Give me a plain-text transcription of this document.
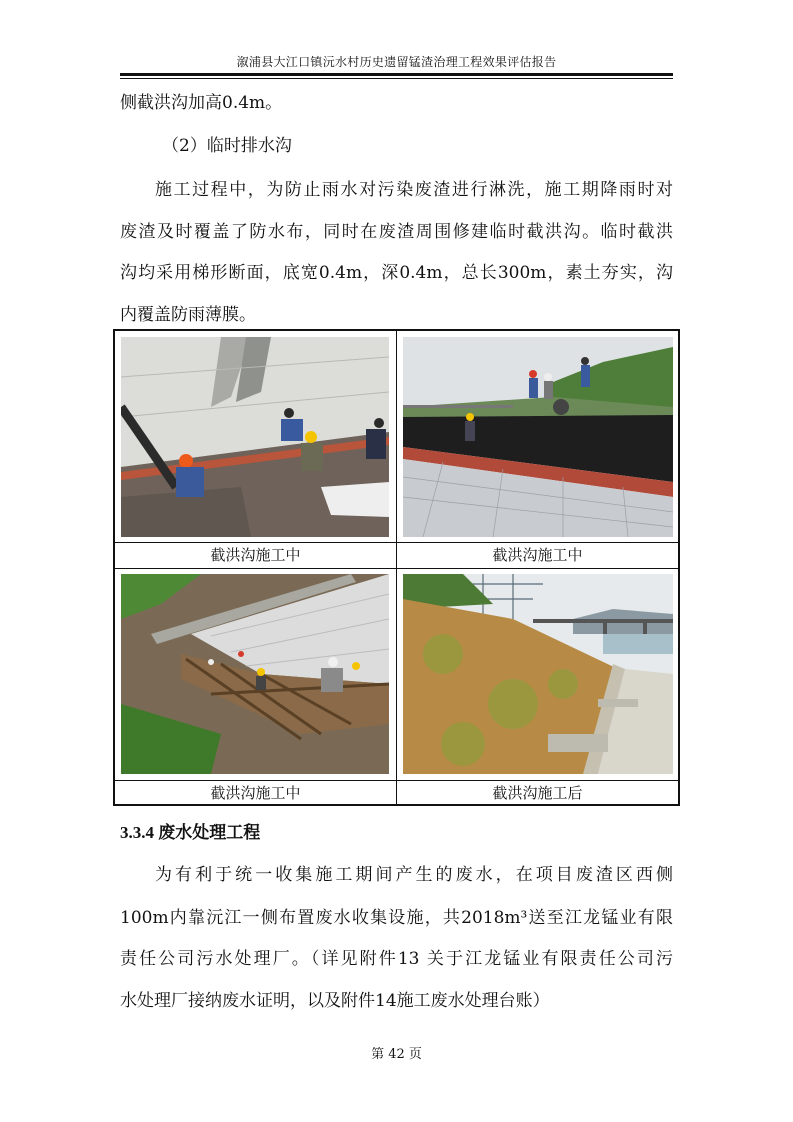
溆浦县大江口镇沅水村历史遗留锰渣治理工程效果评估报告
侧截洪沟加高0.4m。
（2）临时排水沟
施工过程中，为防止雨水对污染废渣进行淋洗，施工期降雨时对
废渣及时覆盖了防水布，同时在废渣周围修建临时截洪沟。临时截洪
沟均采用梯形断面，底宽0.4m，深0.4m，总长300m，素土夯实，沟
内覆盖防雨薄膜。
截洪沟施工中	截洪沟施工中
截洪沟施工中	截洪沟施工后
3.3.4 废水处理工程
为有利于统一收集施工期间产生的废水，在项目废渣区西侧
100m内靠沅江一侧布置废水收集设施，共2018m³送至江龙锰业有限
责任公司污水处理厂。（详见附件13 关于江龙锰业有限责任公司污
水处理厂接纳废水证明，以及附件14施工废水处理台账）
第 42 页
